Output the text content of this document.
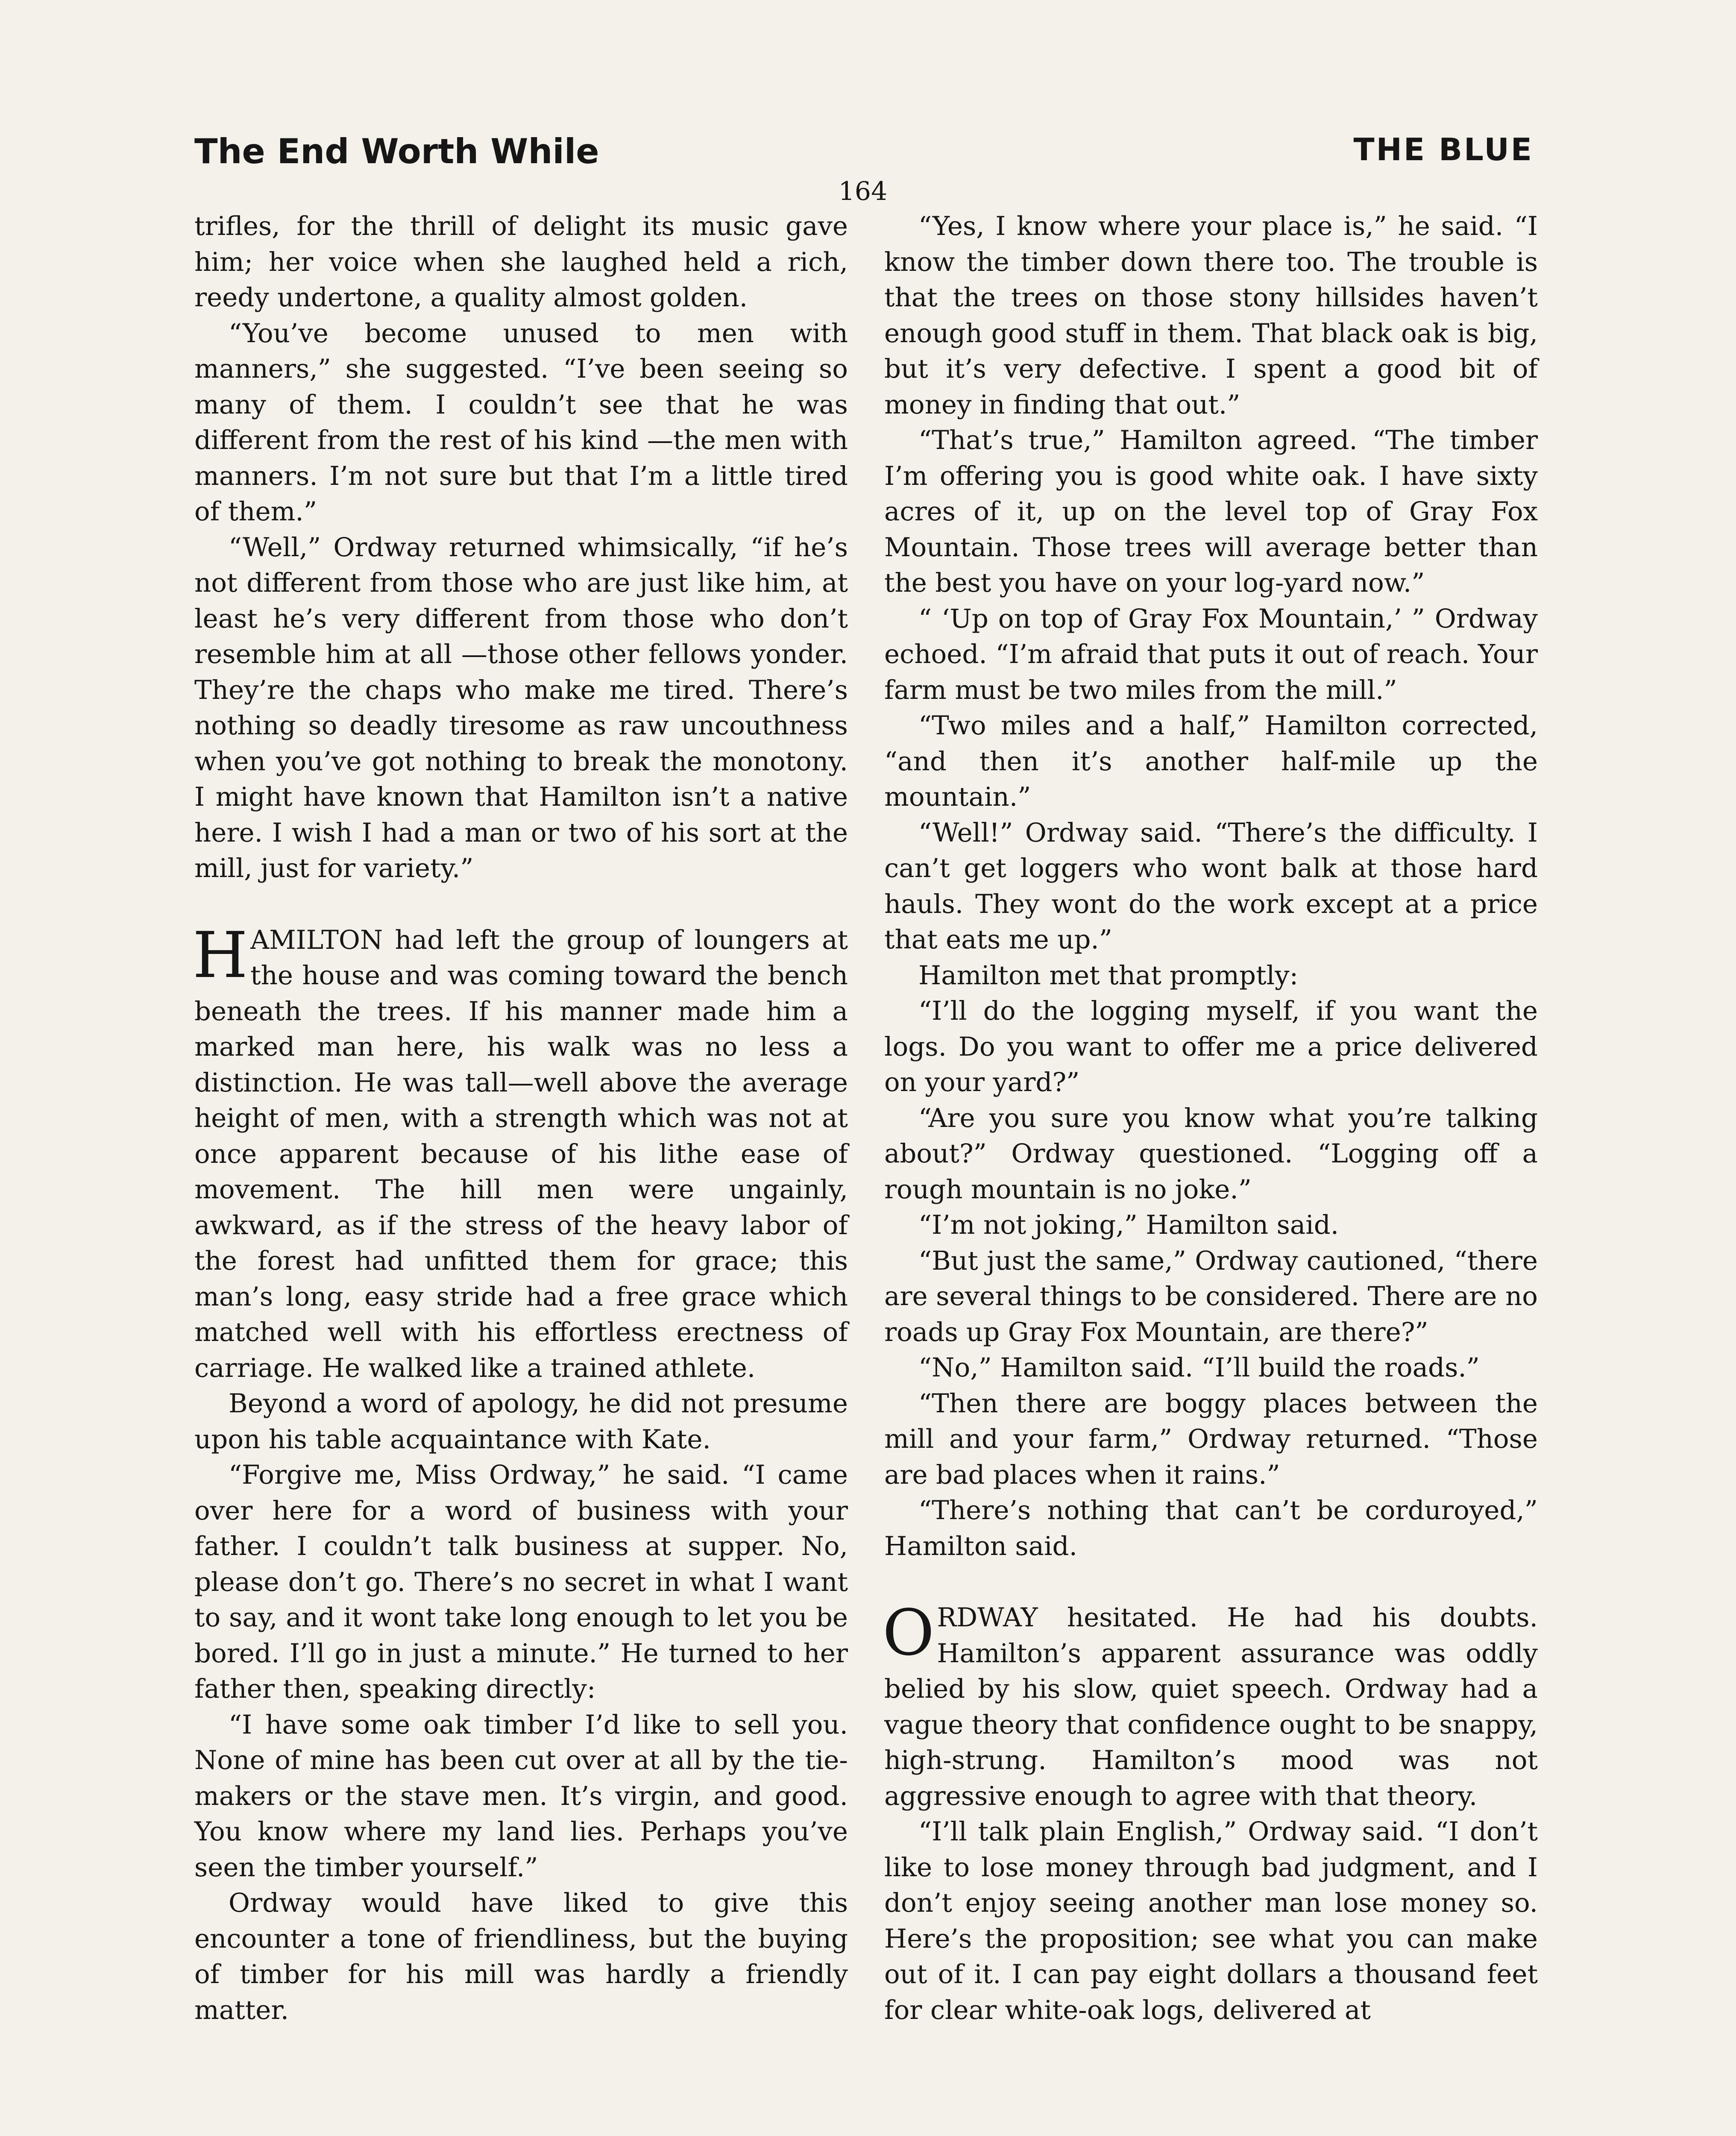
The End Worth While	THE BLUE
164

trifles, for the thrill of delight its music gave him; her voice when she laughed held a rich, reedy undertone, a quality almost golden.

“You’ve become unused to men with manners,” she suggested. “I’ve been seeing so many of them. I couldn’t see that he was different from the rest of his kind —the men with manners. I’m not sure but that I’m a little tired of them.”

“Well,” Ordway returned whimsically, “if he’s not different from those who are just like him, at least he’s very different from those who don’t resemble him at all —those other fellows yonder. They’re the chaps who make me tired. There’s nothing so deadly tiresome as raw uncouthness when you’ve got nothing to break the monotony. I might have known that Hamilton isn’t a native here. I wish I had a man or two of his sort at the mill, just for variety.”

HAMILTON had left the group of loungers at the house and was coming toward the bench beneath the trees. If his manner made him a marked man here, his walk was no less a distinction. He was tall—well above the average height of men, with a strength which was not at once apparent because of his lithe ease of movement. The hill men were ungainly, awkward, as if the stress of the heavy labor of the forest had unfitted them for grace; this man’s long, easy stride had a free grace which matched well with his effortless erectness of carriage. He walked like a trained athlete.

Beyond a word of apology, he did not presume upon his table acquaintance with Kate.

“Forgive me, Miss Ordway,” he said. “I came over here for a word of business with your father. I couldn’t talk business at supper. No, please don’t go. There’s no secret in what I want to say, and it wont take long enough to let you be bored. I’ll go in just a minute.” He turned to her father then, speaking directly:

“I have some oak timber I’d like to sell you. None of mine has been cut over at all by the tie-makers or the stave men. It’s virgin, and good. You know where my land lies. Perhaps you’ve seen the timber yourself.”

Ordway would have liked to give this encounter a tone of friendliness, but the buying of timber for his mill was hardly a friendly matter.

“Yes, I know where your place is,” he said. “I know the timber down there too. The trouble is that the trees on those stony hillsides haven’t enough good stuff in them. That black oak is big, but it’s very defective. I spent a good bit of money in finding that out.”

“That’s true,” Hamilton agreed. “The timber I’m offering you is good white oak. I have sixty acres of it, up on the level top of Gray Fox Mountain. Those trees will average better than the best you have on your log-yard now.”

“ ‘Up on top of Gray Fox Mountain,’ ” Ordway echoed. “I’m afraid that puts it out of reach. Your farm must be two miles from the mill.”

“Two miles and a half,” Hamilton corrected, “and then it’s another half-mile up the mountain.”

“Well!” Ordway said. “There’s the difficulty. I can’t get loggers who wont balk at those hard hauls. They wont do the work except at a price that eats me up.”

Hamilton met that promptly:

“I’ll do the logging myself, if you want the logs. Do you want to offer me a price delivered on your yard?”

“Are you sure you know what you’re talking about?” Ordway questioned. “Logging off a rough mountain is no joke.”

“I’m not joking,” Hamilton said.

“But just the same,” Ordway cautioned, “there are several things to be considered. There are no roads up Gray Fox Mountain, are there?”

“No,” Hamilton said. “I’ll build the roads.”

“Then there are boggy places between the mill and your farm,” Ordway returned. “Those are bad places when it rains.”

“There’s nothing that can’t be corduroyed,” Hamilton said.

ORDWAY hesitated. He had his doubts. Hamilton’s apparent assurance was oddly belied by his slow, quiet speech. Ordway had a vague theory that confidence ought to be snappy, high-strung. Hamilton’s mood was not aggressive enough to agree with that theory.

“I’ll talk plain English,” Ordway said. “I don’t like to lose money through bad judgment, and I don’t enjoy seeing another man lose money so. Here’s the proposition; see what you can make out of it. I can pay eight dollars a thousand feet for clear white-oak logs, delivered at
